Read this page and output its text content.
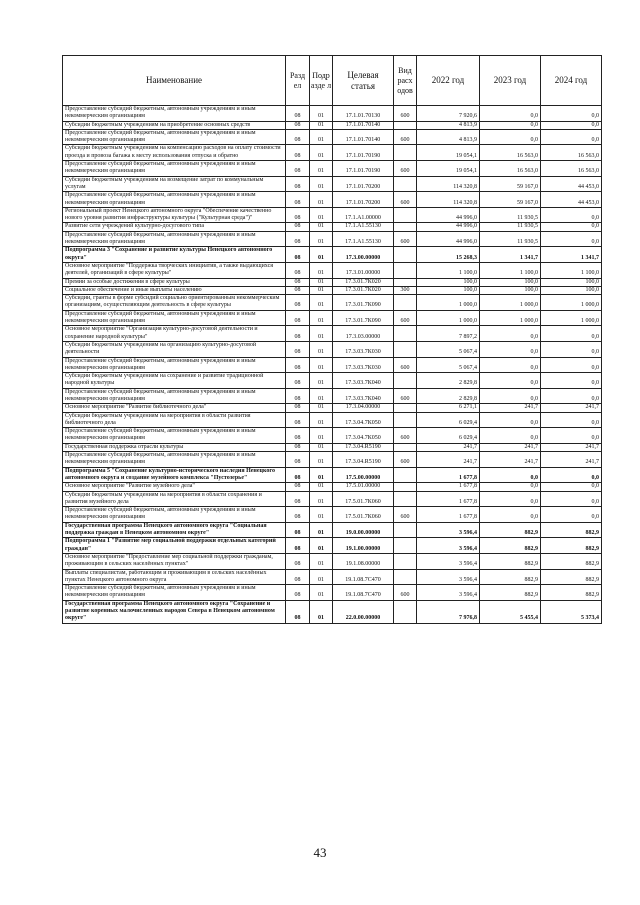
Наименование	Разд ел	Подр азде л	Целевая статья	Вид расх одов	2022 год	2023 год	2024 год
Предоставление субсидий бюджетным, автономным учреждениям и иным некоммерческим организациям	08	01	17.1.01.70130	600	7 920,6	0,0	0,0
Субсидии бюджетным учреждениям на приобретение основных средств	08	01	17.1.01.70140		4 813,9	0,0	0,0
Предоставление субсидий бюджетным, автономным учреждениям и иным некоммерческим организациям	08	01	17.1.01.70140	600	4 813,9	0,0	0,0
Субсидии бюджетным учреждениям на компенсацию расходов на оплату стоимости проезда и провоза багажа к месту использования отпуска и обратно	08	01	17.1.01.70190		19 054,1	16 563,0	16 563,0
Предоставление субсидий бюджетным, автономным учреждениям и иным некоммерческим организациям	08	01	17.1.01.70190	600	19 054,1	16 563,0	16 563,0
Субсидии бюджетным учреждениям на возмещение затрат по коммунальным услугам	08	01	17.1.01.70200		114 320,8	59 167,0	44 453,0
Предоставление субсидий бюджетным, автономным учреждениям и иным некоммерческим организациям	08	01	17.1.01.70200	600	114 320,8	59 167,0	44 453,0
Региональный проект Ненецкого автономного округа "Обеспечение качественно нового уровня развития инфраструктуры культуры ("Культурная среда")"	08	01	17.1.А1.00000		44 996,0	11 930,5	0,0
Развитие сети учреждений культурно-досугового типа	08	01	17.1.А1.55130		44 996,0	11 930,5	0,0
Предоставление субсидий бюджетным, автономным учреждениям и иным некоммерческим организациям	08	01	17.1.А1.55130	600	44 996,0	11 930,5	0,0
Подпрограмма 3 "Сохранение и развитие культуры Ненецкого автономного округа"	08	01	17.3.00.00000		15 268,3	1 341,7	1 341,7
Основное мероприятие "Поддержка творческих инициатив, а также выдающихся деятелей, организаций в сфере культуры"	08	01	17.3.01.00000		1 100,0	1 100,0	1 100,0
Премии за особые достижения в сфере культуры	08	01	17.3.01.7К020		100,0	100,0	100,0
Социальное обеспечение и иные выплаты населению	08	01	17.3.01.7К020	300	100,0	100,0	100,0
Субсидии, гранты в форме субсидий социально ориентированным некоммерческим организациям, осуществляющим деятельность в сфере культуры	08	01	17.3.01.7К090		1 000,0	1 000,0	1 000,0
Предоставление субсидий бюджетным, автономным учреждениям и иным некоммерческим организациям	08	01	17.3.01.7К090	600	1 000,0	1 000,0	1 000,0
Основное мероприятие "Организация культурно-досуговой деятельности и сохранение народной культуры"	08	01	17.3.03.00000		7 897,2	0,0	0,0
Субсидии бюджетным учреждениям на организацию культурно-досуговой деятельности	08	01	17.3.03.7К030		5 067,4	0,0	0,0
Предоставление субсидий бюджетным, автономным учреждениям и иным некоммерческим организациям	08	01	17.3.03.7К030	600	5 067,4	0,0	0,0
Субсидии бюджетным учреждениям на сохранение и развитие традиционной народной культуры	08	01	17.3.03.7К040		2 829,8	0,0	0,0
Предоставление субсидий бюджетным, автономным учреждениям и иным некоммерческим организациям	08	01	17.3.03.7К040	600	2 829,8	0,0	0,0
Основное мероприятие "Развитие библиотечного дела"	08	01	17.3.04.00000		6 271,1	241,7	241,7
Субсидии бюджетным учреждениям на мероприятия в области развития библиотечного дела	08	01	17.3.04.7К050		6 029,4	0,0	0,0
Предоставление субсидий бюджетным, автономным учреждениям и иным некоммерческим организациям	08	01	17.3.04.7К050	600	6 029,4	0,0	0,0
Государственная поддержка отрасли культуры	08	01	17.3.04.R5190		241,7	241,7	241,7
Предоставление субсидий бюджетным, автономным учреждениям и иным некоммерческим организациям	08	01	17.3.04.R5190	600	241,7	241,7	241,7
Подпрограмма 5 "Сохранение культурно-исторического наследия Ненецкого автономного округа и создание музейного комплекса "Пустозерье"	08	01	17.5.00.00000		1 677,8	0,0	0,0
Основное мероприятие "Развитие музейного дела"	08	01	17.5.01.00000		1 677,8	0,0	0,0
Субсидии бюджетным учреждениям на мероприятия в области сохранения и развития музейного дела	08	01	17.5.01.7К060		1 677,8	0,0	0,0
Предоставление субсидий бюджетным, автономным учреждениям и иным некоммерческим организациям	08	01	17.5.01.7К060	600	1 677,8	0,0	0,0
Государственная программа Ненецкого автономного округа "Социальная поддержка граждан в Ненецком автономном округе"	08	01	19.0.00.00000		3 596,4	882,9	882,9
Подпрограмма 1 "Развитие мер социальной поддержки отдельных категорий граждан"	08	01	19.1.00.00000		3 596,4	882,9	882,9
Основное мероприятие "Предоставление мер социальной поддержки гражданам, проживающим в сельских населённых пунктах"	08	01	19.1.08.00000		3 596,4	882,9	882,9
Выплаты специалистам, работающим и проживающим в сельских населённых пунктах Ненецкого автономного округа	08	01	19.1.08.7С470		3 596,4	882,9	882,9
Предоставление субсидий бюджетным, автономным учреждениям и иным некоммерческим организациям	08	01	19.1.08.7С470	600	3 596,4	882,9	882,9
Государственная программа Ненецкого автономного округа "Сохранение и развитие коренных малочисленных народов Севера в Ненецком автономном округе"	08	01	22.0.00.00000		7 976,8	5 455,4	5 373,4
43
